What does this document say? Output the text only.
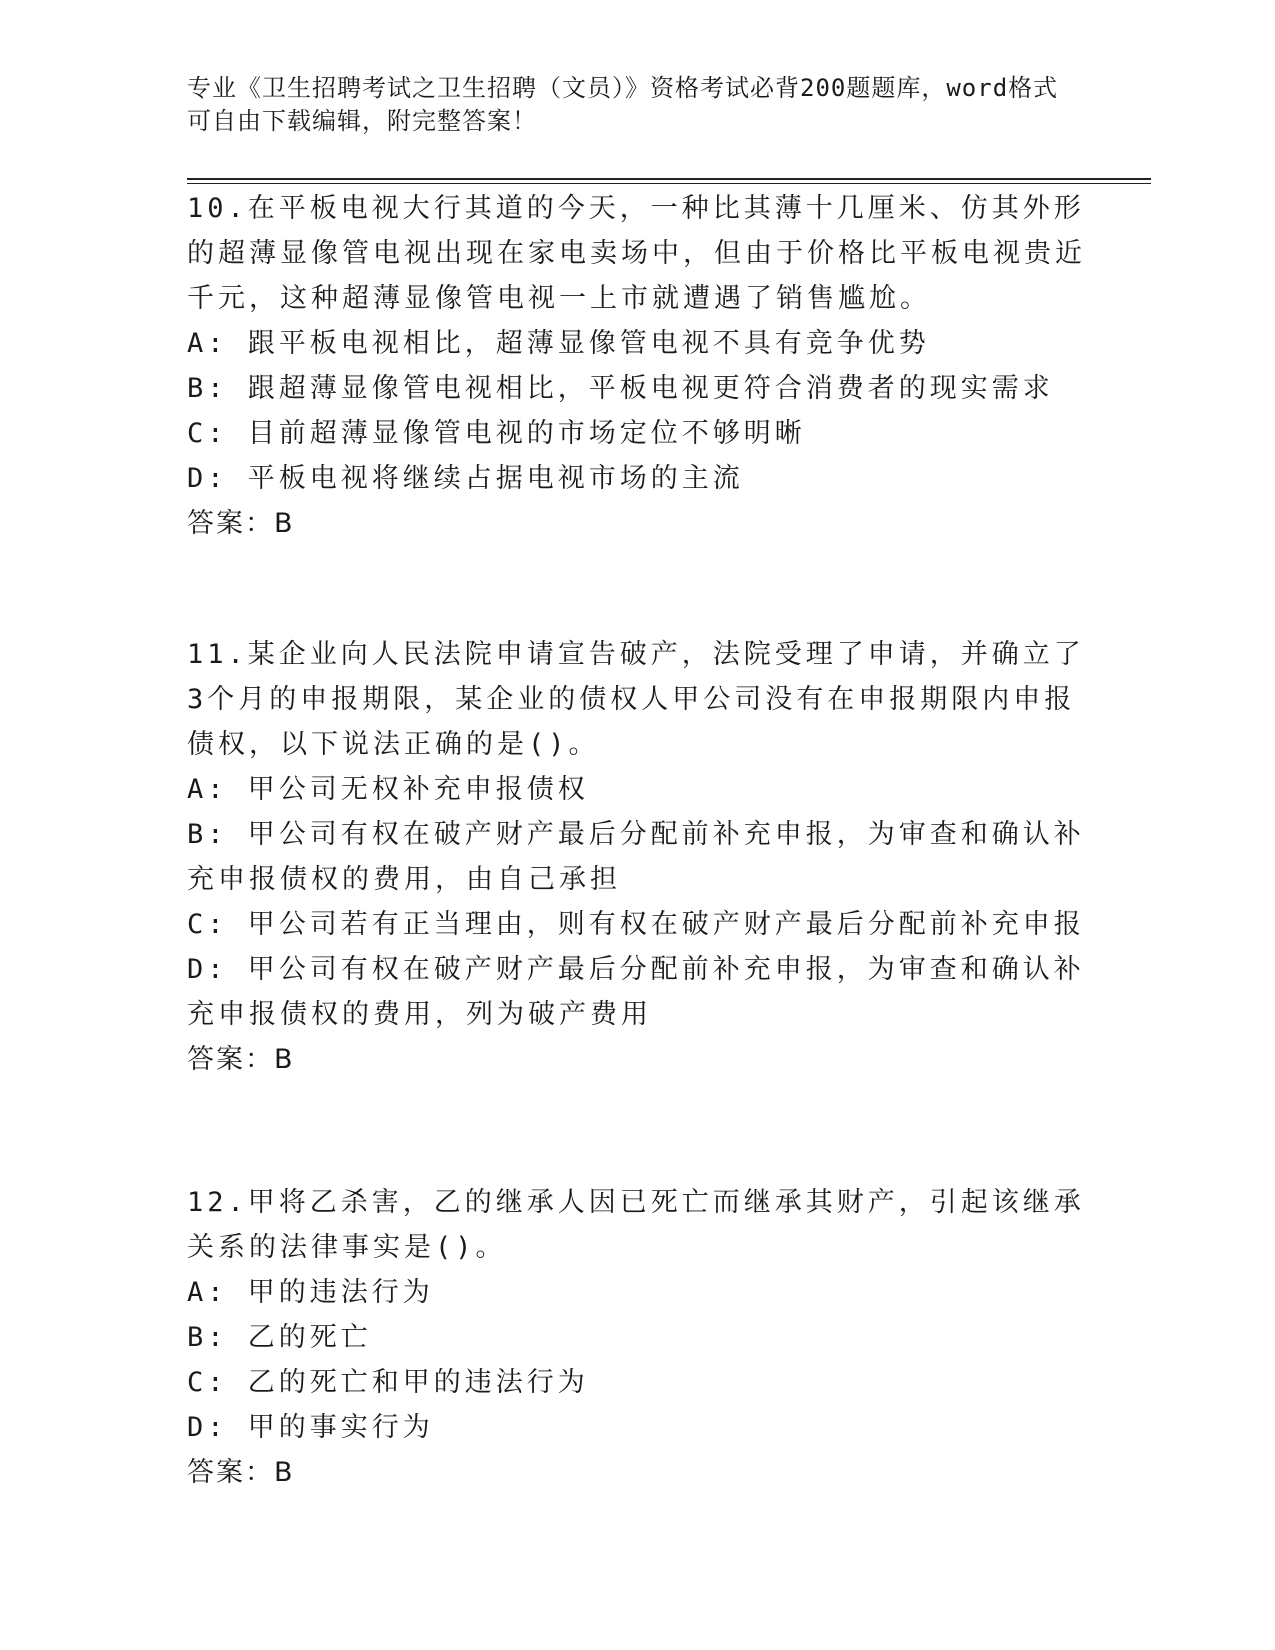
专业《卫生招聘考试之卫生招聘（文员）》资格考试必背200题题库，word格式可自由下载编辑，附完整答案！

10.在平板电视大行其道的今天，一种比其薄十几厘米、仿其外形的超薄显像管电视出现在家电卖场中，但由于价格比平板电视贵近千元，这种超薄显像管电视一上市就遭遇了销售尴尬。

A: 跟平板电视相比，超薄显像管电视不具有竞争优势

B: 跟超薄显像管电视相比，平板电视更符合消费者的现实需求

C: 目前超薄显像管电视的市场定位不够明晰

D: 平板电视将继续占据电视市场的主流

答案：B

11.某企业向人民法院申请宣告破产，法院受理了申请，并确立了3个月的申报期限，某企业的债权人甲公司没有在申报期限内申报债权，以下说法正确的是()。

A: 甲公司无权补充申报债权

B: 甲公司有权在破产财产最后分配前补充申报，为审查和确认补充申报债权的费用，由自己承担

C: 甲公司若有正当理由，则有权在破产财产最后分配前补充申报

D: 甲公司有权在破产财产最后分配前补充申报，为审查和确认补充申报债权的费用，列为破产费用

答案：B

12.甲将乙杀害，乙的继承人因已死亡而继承其财产，引起该继承关系的法律事实是()。

A: 甲的违法行为

B: 乙的死亡

C: 乙的死亡和甲的违法行为

D: 甲的事实行为

答案：B
